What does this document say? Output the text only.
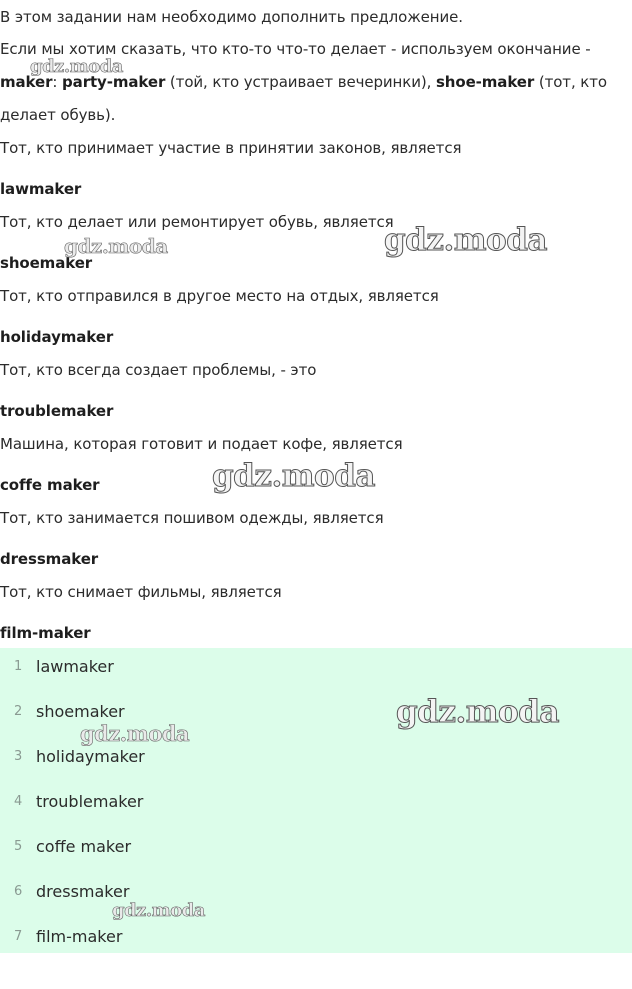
В этом задании нам необходимо дополнить предложение.
Если мы хотим сказать, что кто-то что-то делает - используем окончание -
maker: party-maker (той, кто устраивает вечеринки), shoe-maker (тот, кто
делает обувь).
Тот, кто принимает участие в принятии законов, является
lawmaker
Тот, кто делает или ремонтирует обувь, является
shoemaker
Тот, кто отправился в другое место на отдых, является
holidaymaker
Тот, кто всегда создает проблемы, - это
troublemaker
Машина, которая готовит и подает кофе, является
coffe maker
Тот, кто занимается пошивом одежды, является
dressmaker
Тот, кто снимает фильмы, является
film-maker
1 lawmaker
2 shoemaker
3 holidaymaker
4 troublemaker
5 coffe maker
6 dressmaker
7 film-maker
gdz.moda
gdz.moda	gdz.moda
gdz.moda
gdz.moda
gdz.moda
gdz.moda
